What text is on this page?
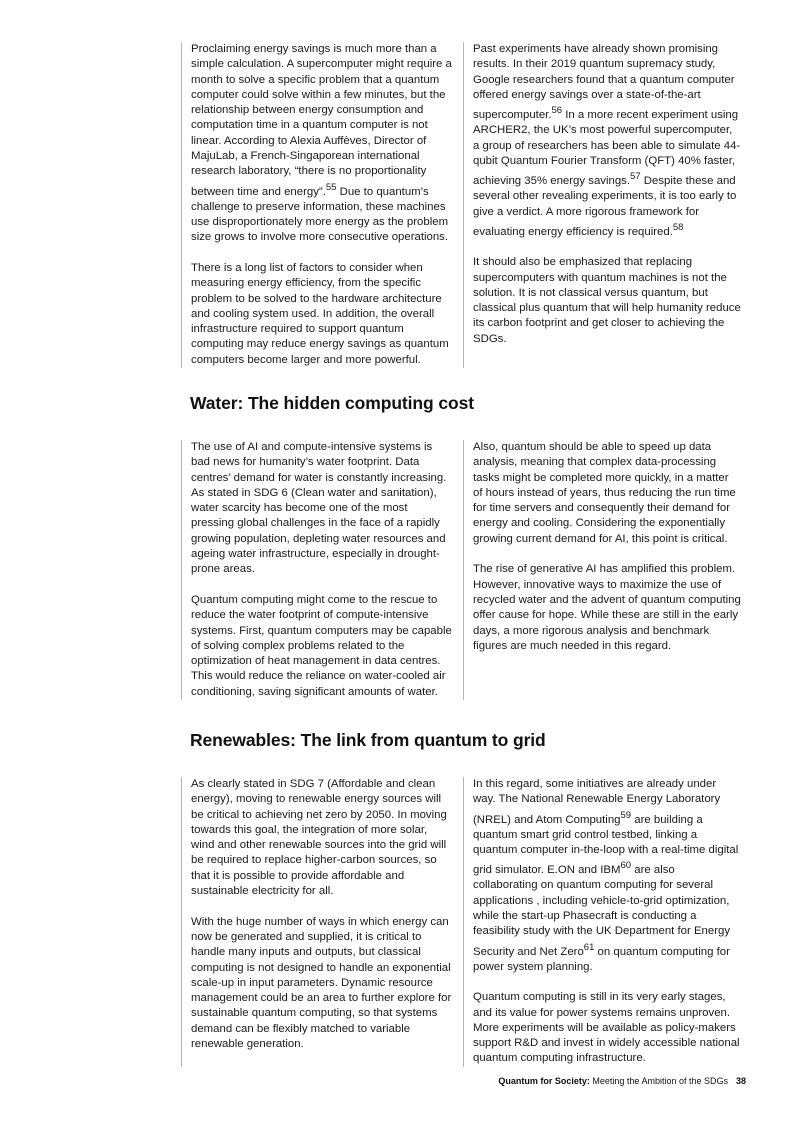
Proclaiming energy savings is much more than a simple calculation. A supercomputer might require a month to solve a specific problem that a quantum computer could solve within a few minutes, but the relationship between energy consumption and computation time in a quantum computer is not linear. According to Alexia Auffèves, Director of MajuLab, a French-Singaporean international research laboratory, “there is no proportionality between time and energy”.$^{55}$ Due to quantum’s challenge to preserve information, these machines use disproportionately more energy as the problem size grows to involve more consecutive operations.

There is a long list of factors to consider when measuring energy efficiency, from the specific problem to be solved to the hardware architecture and cooling system used. In addition, the overall infrastructure required to support quantum computing may reduce energy savings as quantum computers become larger and more powerful.

Past experiments have already shown promising results. In their 2019 quantum supremacy study, Google researchers found that a quantum computer offered energy savings over a state-of-the-art supercomputer.$^{56}$ In a more recent experiment using ARCHER2, the UK’s most powerful supercomputer, a group of researchers has been able to simulate 44-qubit Quantum Fourier Transform (QFT) 40% faster, achieving 35% energy savings.$^{57}$ Despite these and several other revealing experiments, it is too early to give a verdict. A more rigorous framework for evaluating energy efficiency is required.$^{58}$

It should also be emphasized that replacing supercomputers with quantum machines is not the solution. It is not classical versus quantum, but classical plus quantum that will help humanity reduce its carbon footprint and get closer to achieving the SDGs.

Water: The hidden computing cost

The use of AI and compute-intensive systems is bad news for humanity’s water footprint. Data centres’ demand for water is constantly increasing. As stated in SDG 6 (Clean water and sanitation), water scarcity has become one of the most pressing global challenges in the face of a rapidly growing population, depleting water resources and ageing water infrastructure, especially in drought-prone areas.

Quantum computing might come to the rescue to reduce the water footprint of compute-intensive systems. First, quantum computers may be capable of solving complex problems related to the optimization of heat management in data centres. This would reduce the reliance on water-cooled air conditioning, saving significant amounts of water.

Also, quantum should be able to speed up data analysis, meaning that complex data-processing tasks might be completed more quickly, in a matter of hours instead of years, thus reducing the run time for time servers and consequently their demand for energy and cooling. Considering the exponentially growing current demand for AI, this point is critical.

The rise of generative AI has amplified this problem. However, innovative ways to maximize the use of recycled water and the advent of quantum computing offer cause for hope. While these are still in the early days, a more rigorous analysis and benchmark figures are much needed in this regard.

Renewables: The link from quantum to grid

As clearly stated in SDG 7 (Affordable and clean energy), moving to renewable energy sources will be critical to achieving net zero by 2050. In moving towards this goal, the integration of more solar, wind and other renewable sources into the grid will be required to replace higher-carbon sources, so that it is possible to provide affordable and sustainable electricity for all.

With the huge number of ways in which energy can now be generated and supplied, it is critical to handle many inputs and outputs, but classical computing is not designed to handle an exponential scale-up in input parameters. Dynamic resource management could be an area to further explore for sustainable quantum computing, so that systems demand can be flexibly matched to variable renewable generation.

In this regard, some initiatives are already under way. The National Renewable Energy Laboratory (NREL) and Atom Computing$^{59}$ are building a quantum smart grid control testbed, linking a quantum computer in-the-loop with a real-time digital grid simulator. E.ON and IBM$^{60}$ are also collaborating on quantum computing for several applications , including vehicle-to-grid optimization, while the start-up Phasecraft is conducting a feasibility study with the UK Department for Energy Security and Net Zero$^{61}$ on quantum computing for power system planning.

Quantum computing is still in its very early stages, and its value for power systems remains unproven. More experiments will be available as policy-makers support R&D and invest in widely accessible national quantum computing infrastructure.

Quantum for Society: Meeting the Ambition of the SDGs 38
